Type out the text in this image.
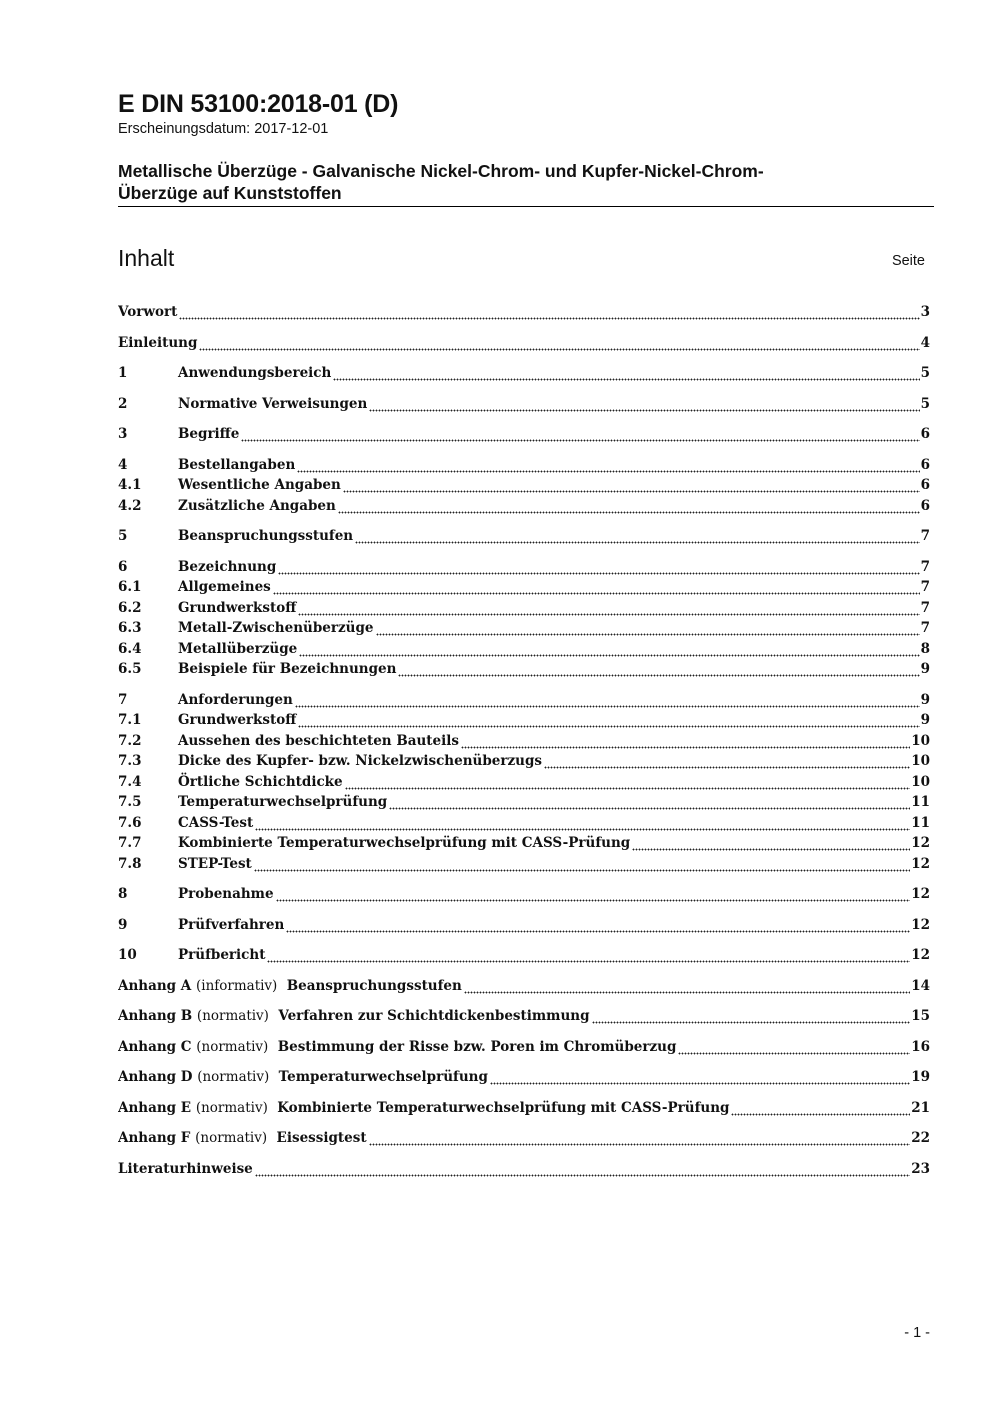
E DIN 53100:2018-01 (D)
Erscheinungsdatum: 2017-12-01
Metallische Überzüge - Galvanische Nickel-Chrom- und Kupfer-Nickel-Chrom-
Überzüge auf Kunststoffen
Inhalt	Seite
Vorwort	3
Einleitung	4
1	Anwendungsbereich	5
2	Normative Verweisungen	5
3	Begriffe	6
4	Bestellangaben	6
4.1	Wesentliche Angaben	6
4.2	Zusätzliche Angaben	6
5	Beanspruchungsstufen	7
6	Bezeichnung	7
6.1	Allgemeines	7
6.2	Grundwerkstoff	7
6.3	Metall-Zwischenüberzüge	7
6.4	Metallüberzüge	8
6.5	Beispiele für Bezeichnungen	9
7	Anforderungen	9
7.1	Grundwerkstoff	9
7.2	Aussehen des beschichteten Bauteils	10
7.3	Dicke des Kupfer- bzw. Nickelzwischenüberzugs	10
7.4	Örtliche Schichtdicke	10
7.5	Temperaturwechselprüfung	11
7.6	CASS-Test	11
7.7	Kombinierte Temperaturwechselprüfung mit CASS-Prüfung	12
7.8	STEP-Test	12
8	Probenahme	12
9	Prüfverfahren	12
10	Prüfbericht	12
Anhang A (informativ) Beanspruchungsstufen	14
Anhang B (normativ) Verfahren zur Schichtdickenbestimmung	15
Anhang C (normativ) Bestimmung der Risse bzw. Poren im Chromüberzug	16
Anhang D (normativ) Temperaturwechselprüfung	19
Anhang E (normativ) Kombinierte Temperaturwechselprüfung mit CASS-Prüfung	21
Anhang F (normativ) Eisessigtest	22
Literaturhinweise	23
- 1 -
